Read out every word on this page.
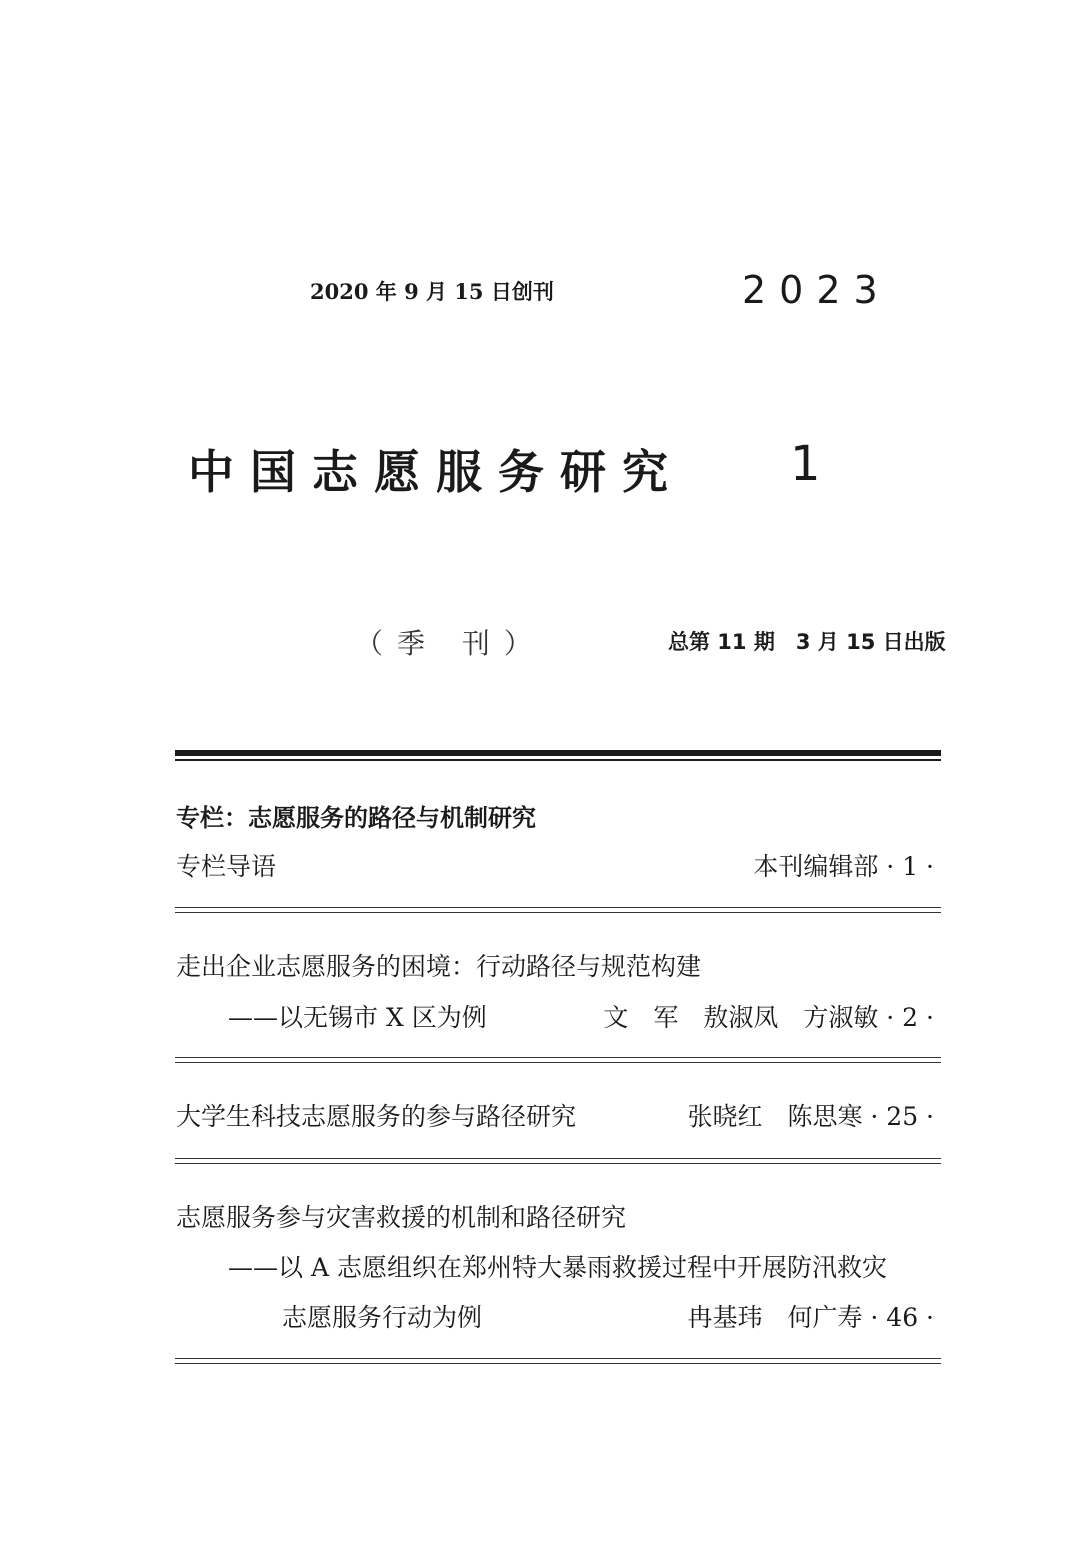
2020 年 9 月 15 日创刊	2023
中国志愿服务研究 1
（季 刊）	总第 11 期　3 月 15 日出版
专栏：志愿服务的路径与机制研究
专栏导语	本刊编辑部 · 1 ·
走出企业志愿服务的困境：行动路径与规范构建
——以无锡市 X 区为例	文　军　敖淑凤　方淑敏 · 2 ·
大学生科技志愿服务的参与路径研究	张晓红　陈思寒 · 25 ·
志愿服务参与灾害救援的机制和路径研究
——以 A 志愿组织在郑州特大暴雨救援过程中开展防汛救灾
志愿服务行动为例	冉基玮　何广寿 · 46 ·
